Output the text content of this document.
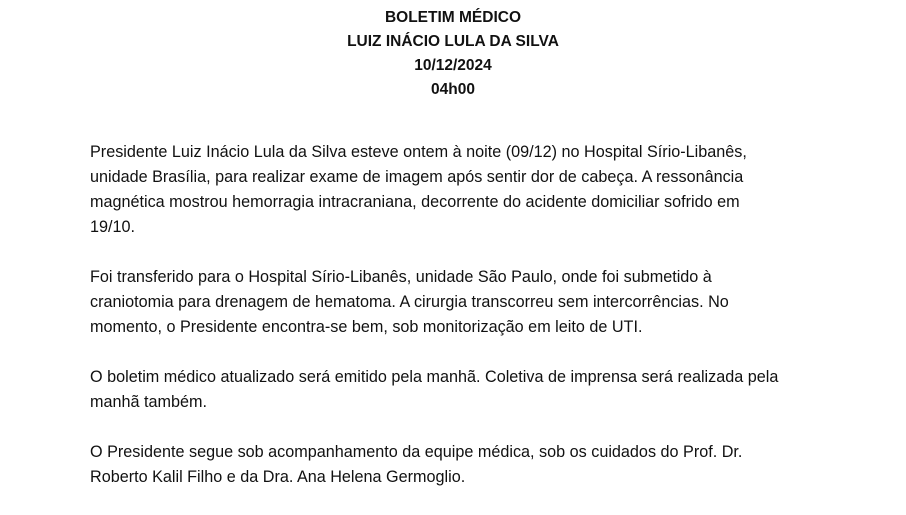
BOLETIM MÉDICO
LUIZ INÁCIO LULA DA SILVA
10/12/2024
04h00
Presidente Luiz Inácio Lula da Silva esteve ontem à noite (09/12) no Hospital Sírio-Libanês,
unidade Brasília, para realizar exame de imagem após sentir dor de cabeça. A ressonância
magnética mostrou hemorragia intracraniana, decorrente do acidente domiciliar sofrido em
19/10.
Foi transferido para o Hospital Sírio-Libanês, unidade São Paulo, onde foi submetido à
craniotomia para drenagem de hematoma. A cirurgia transcorreu sem intercorrências. No
momento, o Presidente encontra-se bem, sob monitorização em leito de UTI.
O boletim médico atualizado será emitido pela manhã. Coletiva de imprensa será realizada pela
manhã também.
O Presidente segue sob acompanhamento da equipe médica, sob os cuidados do Prof. Dr.
Roberto Kalil Filho e da Dra. Ana Helena Germoglio.
